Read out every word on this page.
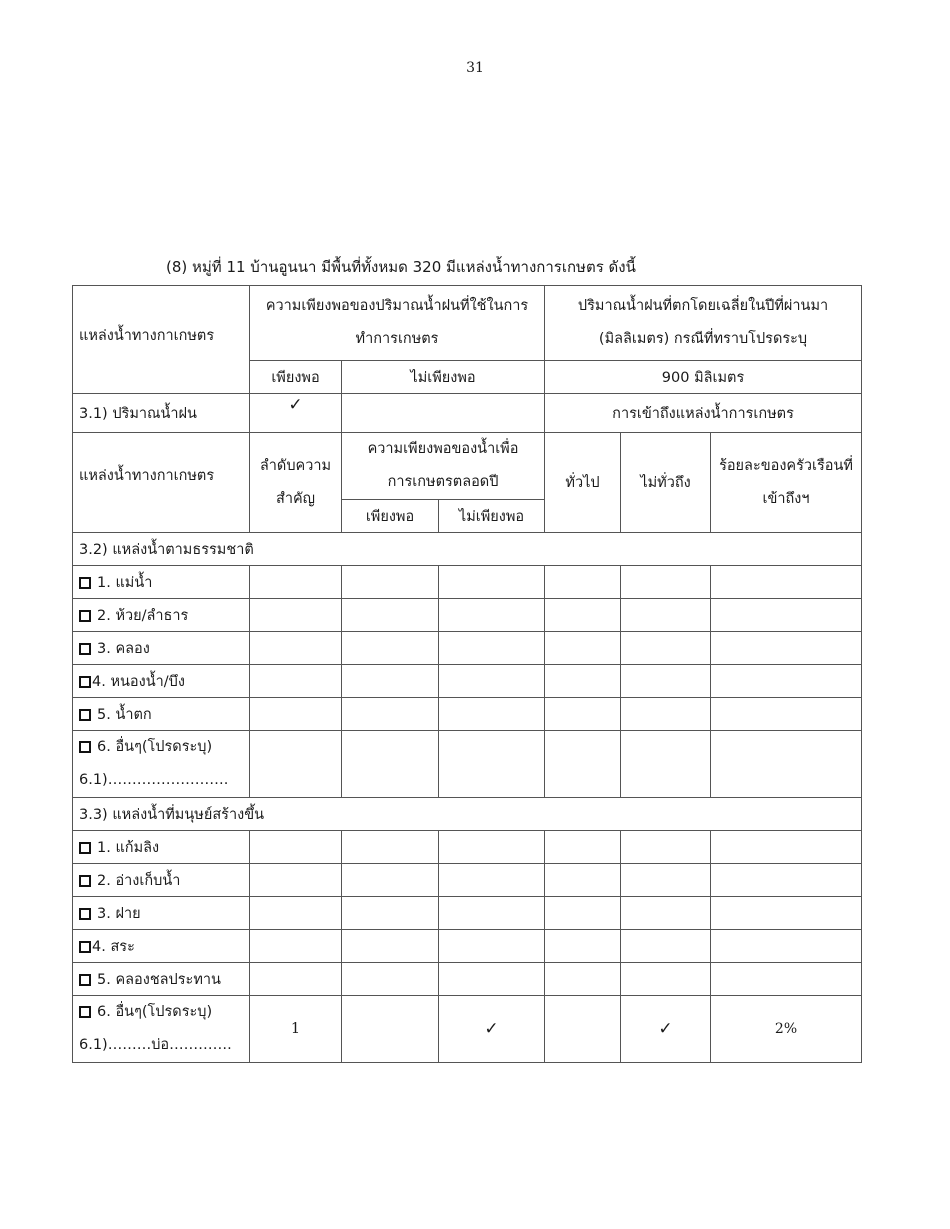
31
(8) หมู่ที่ 11 บ้านอูนนา มีพื้นที่ทั้งหมด 320 มีแหล่งน้ำทางการเกษตร ดังนี้
แหล่งน้ำทางกาเกษตร	ความเพียงพอของปริมาณน้ำฝนที่ใช้ในการทำการเกษตร			ปริมาณน้ำฝนที่ตกโดยเฉลี่ยในปีที่ผ่านมา (มิลลิเมตร) กรณีที่ทราบโปรดระบุ		
	เพียงพอ	ไม่เพียงพอ		900 มิลิเมตร		
3.1) ปริมาณน้ำฝน	✓			การเข้าถึงแหล่งน้ำการเกษตร		

แหล่งน้ำทางกาเกษตร	ลำดับความสำคัญ	ความเพียงพอของน้ำเพื่อการเกษตรตลอดปี		ทั่วไป	ไม่ทั่วถึง	ร้อยละของครัวเรือนที่เข้าถึงฯ
		เพียงพอ	ไม่เพียงพอ			
3.2) แหล่งน้ำตามธรรมชาติ						
1. แม่น้ำ						
2. ห้วย/ลำธาร						
3. คลอง						
4. หนองน้ำ/บึง						
5. น้ำตก						

6. อื่นๆ(โปรดระบุ)
6.1)…………………….						

3.3) แหล่งน้ำที่มนุษย์สร้างขึ้น						
1. แก้มลิง						
2. อ่างเก็บน้ำ						
3. ฝาย						
4. สระ						
5. คลองชลประทาน						

6. อื่นๆ(โปรดระบุ)
6.1)………บ่อ………….	1		✓		✓	2%
